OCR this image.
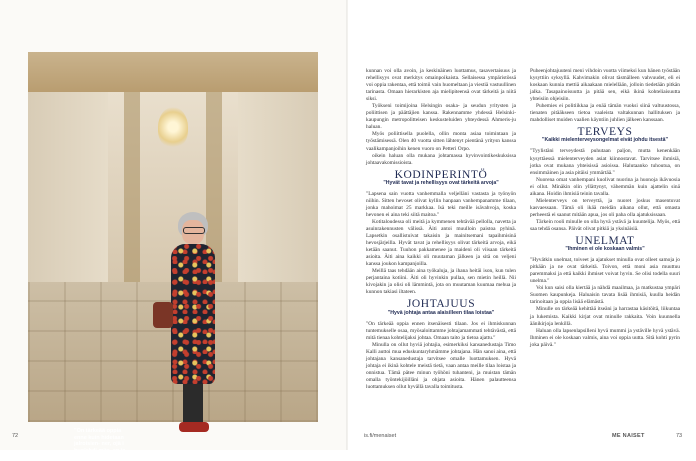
"On tärkeää oppia enne kuin hidetaan jalroisien- ner, ojä i huolehdi mita, en ja omasi muisimaistais."

kunnan voi olla avoin, ja keskinäinen luottamus, tasavertaisuus ja rehellisyys ovat merkitys omainpoikaista. Sellaisessa ympäristössä voi oppia rakentaa, että toimii vain huomeltaan ja viestiä vastuullinen tarinasta. Omaan hierarkisten aja mielipiteensä ovat tärkeitä ja niitä siksi.

Työkseni toimijoina Helsingin osaka- ja seudun yritysten ja poliittisen ja päättäjien kanssa. Rakennamme yhdessä Helsinki-kaupungin metropolitteisen keskusteluiden yhteydessä Ahmeris-ju haluan.

Myös poliittisella puolella, ollin monta asiaa toimintaan ja työstämisessä. Olen 40 vuotta sitten lähtenyt pientänä yritysn kanssa vaalikampanjoihin kenen vuoro on Petteri Orpo.

oikein haluan olla mukana johtamassa hyvinvointikeskuksissa johtaavakomissioista.

KODINPERINTÖ
"Hyvät tavat ja rehellisyys ovat tärkeitä arvoja"

"Lapsena sain vuotta vanhemmalla veljelläni vastasta ja työnyön niihin. Sitten hevoset olivat kyllin hanpaan vanhempanamme tilaan, jonka mahoimat 25 markkaa. Isä teki meille isävahvoja, koska hevonen ei aina teki siitä maitoa."

Kotitaloudessa oli meitä ja kymmenen tehtävää pellolla, navetta ja asuinrakennusten välissä. Äiti antoi muulloin paistoa pyhinä. Lapsetkin osallistuivat takaisin ja mainitsemani tapaihmisinä hevosjärjeilla. Hyvät tavat ja rehellisyys olivat tärkeitä arvoja, eikä ketään saanut. Tuuhon pakkamenee ja maideni oli viisaan tärkeitä asioita. Äiti aina kaikki oli muutaman jälkeen ja sitä on veljeni kanssa joukon kampanjoilla.

Meillä taas tehdään aina työkaluja, ja ihana heitäi ison, kun tulen perjantaina kotiini. Äiti oli hyvinkin pullaa, sen mietin heillä. Nii kivojakin ja olisi oli lämmintä, jota on muutaman kuumaa mehua ja kunnon takiasi iltateen.

JOHTAJUUS
"Hyvä johtaja antaa alaisilleen tilaa loistaa"

"On tärkeää oppia ennen itsenäisesti tilaan. Jos ei ihmiskunnan tuntemukselle osaa, myösaloittamme johtajamammati tehtävästä, että mitä tienaa kohtelijaksi johtaa. Omaan taito ja tietoa ajattu."

Minulla on ollut hyviä johtajia, esimerkiksi kansanedustaja Timo Kalli auttoi mua eduskuntaryhmämme johtajana. Hän sanoi aina, että johtajana kansanedustaja tarvitsee omalle luottamuksen. Hyvä johtaja ei ikinä kohtele meistä tietä, vaan antaa meille tilaa loistaa ja onnistua. Tämä pätee minun työhöni tuhanteni, ja muistan tämän omalla työntekijöilläni ja ohjata asioita. Hänen palautteensa luottamuksen ollut hyvällä tavalla toimitusta.

Puheenjohtajuuteni meni vihdoin vuotta viimeksi kun hänen työstään kysyttiin syksyllä. Kahvimakin olivat täsmälleen vahvuudet, eli ei koskaan kunnia mettiä aikaakaan mielellään, jolloin tiedetään pitkän jalka. Tasapainoisuutta ja pitää sen, eikä ikinä kohteliaisuutta yhteisiin ohjeisiin.

Puhemies ei politiikkaa ja enää tämän vuoksi siinä valtuustossa, tienaten pitääkseen tietoa vaaleista valtakunnan hallituksen ja mahdolliset muiden vaalien käyntiin juhlien jälkeen kanssaan.

TERVEYS
"Kaikki mielenterveysongelmat eivät johdu itsestä"

"Tyylistäni terveydestä puhutaan paljon, mutta kenenkään kysyttäessä mielenterveyden asiat kiinnostavat. Tarvitsee ihmisiä, jotka ovat mukana yhteisissä asioissa. Halutaanko tuhoutua, on ensimmäinen ja asia pitäisi ymmärtää."

Nuorena omat vanhempani kuolivat nuorina ja huonoja ikävuosia ei ollut. Minäkin olin yllättynyt, vähemmän kuin ajattelin sinä aikana. Hoidin ihmisiä teinin tavalla.

Mielenterveys on terveyttä, ja nuoret joskus masentuvat kasvaessaan. Tämä oli ikää meidän aikana ollut, että omasta perheestä ei saanut mitään apua, jos oli paha olla ajatuksissaan.

Tärkein rooli minulle on olla hyvä ystävä ja kuuntelija. Myös, että saa tehdä osansa. Päivät olivat pitkiä ja yksinäisiä.

UNELMAT
"Ihminen ei ole koskaan valmis"

"Hyvätkin unelmat, toiveet ja ajatukset minulla ovat olleet samoja jo pitkään ja ne ovat tärkeitä. Toivon, että moni asia muuttuu paremmaksi ja että kaikki ihmiset voivat hyvin. Se olisi todella suuri unelma."

Voi kun saisi olla kiertää ja nähdä maailmaa, ja matkustaa ympäri Suomen kaupunkeja. Haluaisin tavata lisää ihmisiä, kuulla heidän tarinoitaan ja oppia lisää elämästä.

Minulle on tärkeää kehittää itseäni ja harrastaa käsitöitä, liikuntaa ja lukemista. Kaikki kirjat ovat minulle rakkaita. Voin kuunnella äänikirjoja lenkillä.

Haluan olla lapsenlapsilleni hyvä mummi ja ystäville hyvä ystävä. Ihminen ei ole koskaan valmis, aina voi oppia uutta. Sitä kohti pyrin joka päivä."

72	is.fi/menaiset	ME NAISET	73
